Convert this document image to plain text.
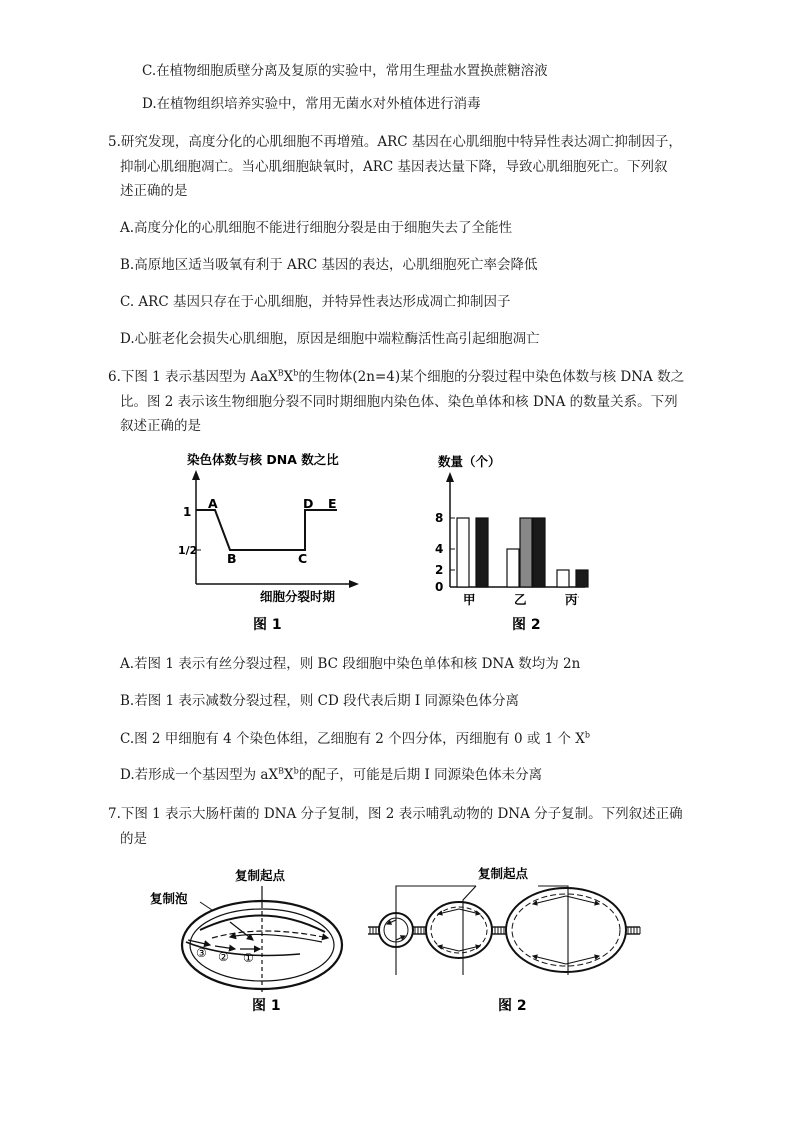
C.在植物细胞质壁分离及复原的实验中，常用生理盐水置换蔗糖溶液
D.在植物组织培养实验中，常用无菌水对外植体进行消毒
5.研究发现，高度分化的心肌细胞不再增殖。ARC 基因在心肌细胞中特异性表达凋亡抑制因子，
抑制心肌细胞凋亡。当心肌细胞缺氧时，ARC 基因表达量下降，导致心肌细胞死亡。下列叙
述正确的是
A.高度分化的心肌细胞不能进行细胞分裂是由于细胞失去了全能性
B.高原地区适当吸氧有利于 ARC 基因的表达，心肌细胞死亡率会降低
C. ARC 基因只存在于心肌细胞，并特异性表达形成凋亡抑制因子
D.心脏老化会损失心肌细胞，原因是细胞中端粒酶活性高引起细胞凋亡
6.下图 1 表示基因型为 $AaX^BX^b$的生物体(2n=4)某个细胞的分裂过程中染色体数与核 DNA 数之
比。图 2 表示该生物细胞分裂不同时期细胞内染色体、染色单体和核 DNA 的数量关系。下列
叙述正确的是
染色体数与核 DNA 数之比
1
1/2
A
B	C
D E
细胞分裂时期
图 1
数量（个）
8
4
2
0
甲	乙	丙 ·
图 2
A.若图 1 表示有丝分裂过程，则 BC 段细胞中染色单体和核 DNA 数均为 2n
B.若图 1 表示减数分裂过程，则 CD 段代表后期 I 同源染色体分离
C.图 2 甲细胞有 4 个染色体组，乙细胞有 2 个四分体，丙细胞有 0 或 1 个 $X^b$
D.若形成一个基因型为 $aX^BX^b$的配子，可能是后期 I 同源染色体未分离
7.下图 1 表示大肠杆菌的 DNA 分子复制，图 2 表示哺乳动物的 DNA 分子复制。下列叙述正确
的是
复制起点
复制泡
③ ② ①
图 1
复制起点
图 2
